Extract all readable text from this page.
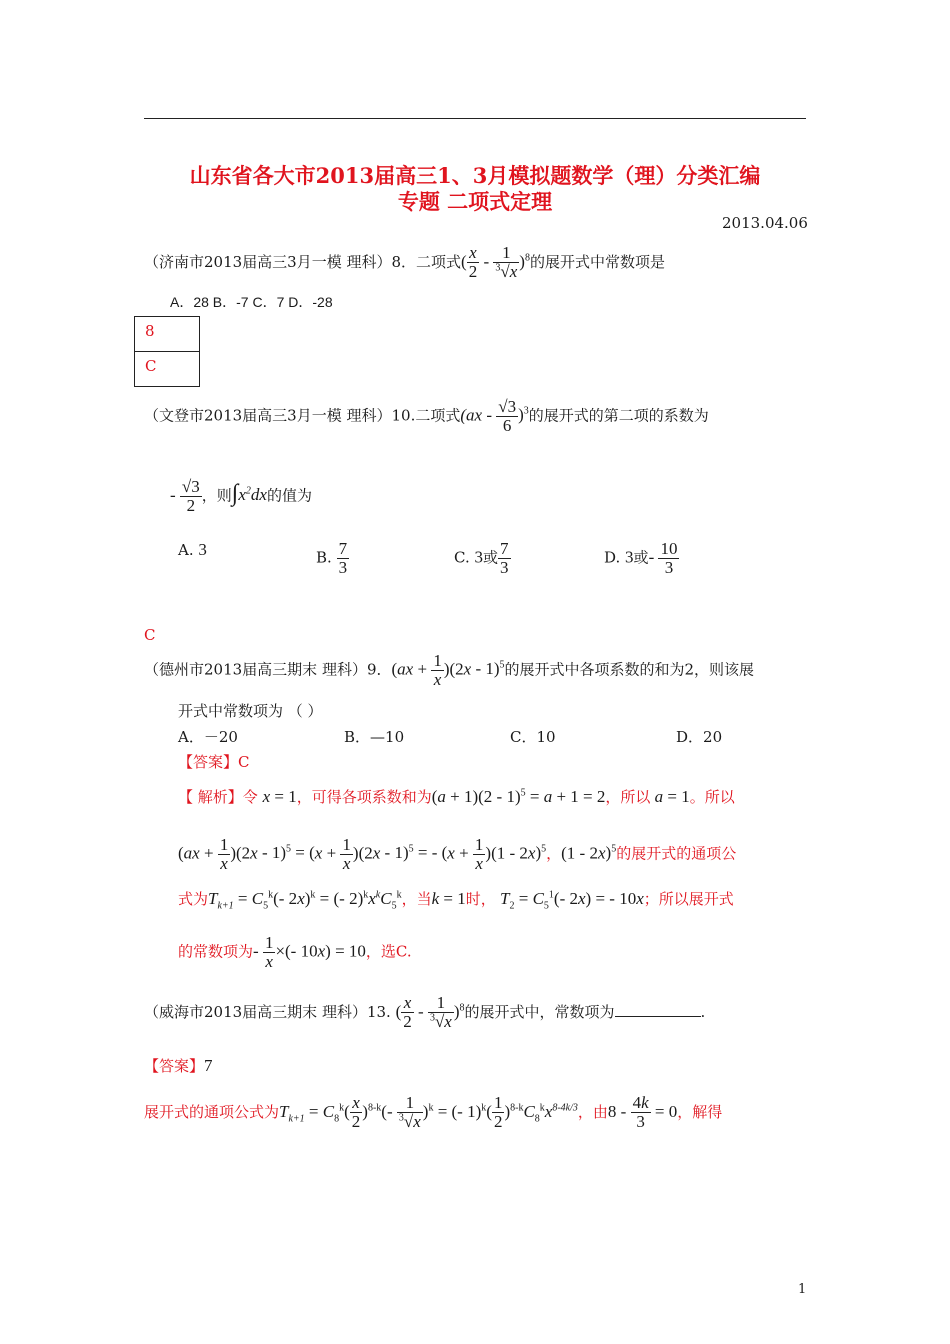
山东省各大市2013届高三1、3月模拟题数学（理）分类汇编
专题 二项式定理
2013.04.06
（济南市2013届高三3月一模 理科）8．二项式( $\frac{x}{2} - \frac{1}{^3√x} )^8$的展开式中常数项是
A．28 B．-7 C．7 D．-28
8
C
（文登市2013届高三3月一模 理科）10.二项式$(ax - \frac{√3}{6} )^3$的展开式的第二项的系数为
- $\frac{√3}{2}$ ，则$\int x^2dx$的值为
A. 3	B. $\frac{7}{3}$	C. 3或 $\frac{7}{3}$	D. 3或- $\frac{10}{3}$
C
（德州市2013届高三期末 理科）9．$(ax + \frac{1}{x} )(2x - 1)^5$的展开式中各项系数的和为2，则该展
开式中常数项为 （ ）
A．－20	B．—10	C．10	D．20
【答案】C
【 解析】令 x = 1，可得各项系数和为(a + 1)(2 - 1)$^5$ = a + 1 = 2，所以 a = 1。所以
$(ax + \frac{1}{x} )(2x - 1)^5 = (x + \frac{1}{x} )(2x - 1)^5$ = - $(x + \frac{1}{x} )(1 - 2x)^5$，(1 - 2x)$^5$的展开式的通项公
式为$T_{k+1} = C_5^k(-$ 2x)$^k$ = (- $2)^kx^kC_5^k$，当k = 1时， $T_2 = C_5^1(-$ 2x) = - 10x；所以展开式
的常数项为- $\frac{1}{x}$ ×(- 10x) = 10，选C.
（威海市2013届高三期末 理科）13. ( $\frac{x}{2} - \frac{1}{^3√x} )^8$的展开式中，常数项为	.
【答案】7
展开式的通项公式为$T_{k+1} = C_8^k( \frac{x}{2} )^{8-k}(- \frac{1}{^3√x} )^k$ = (- $1)^k( \frac{1}{2} )^{8-k}C_8^kx^{8-4k/3}$，由$8 - \frac{4k}{3} = 0$，解得
1
